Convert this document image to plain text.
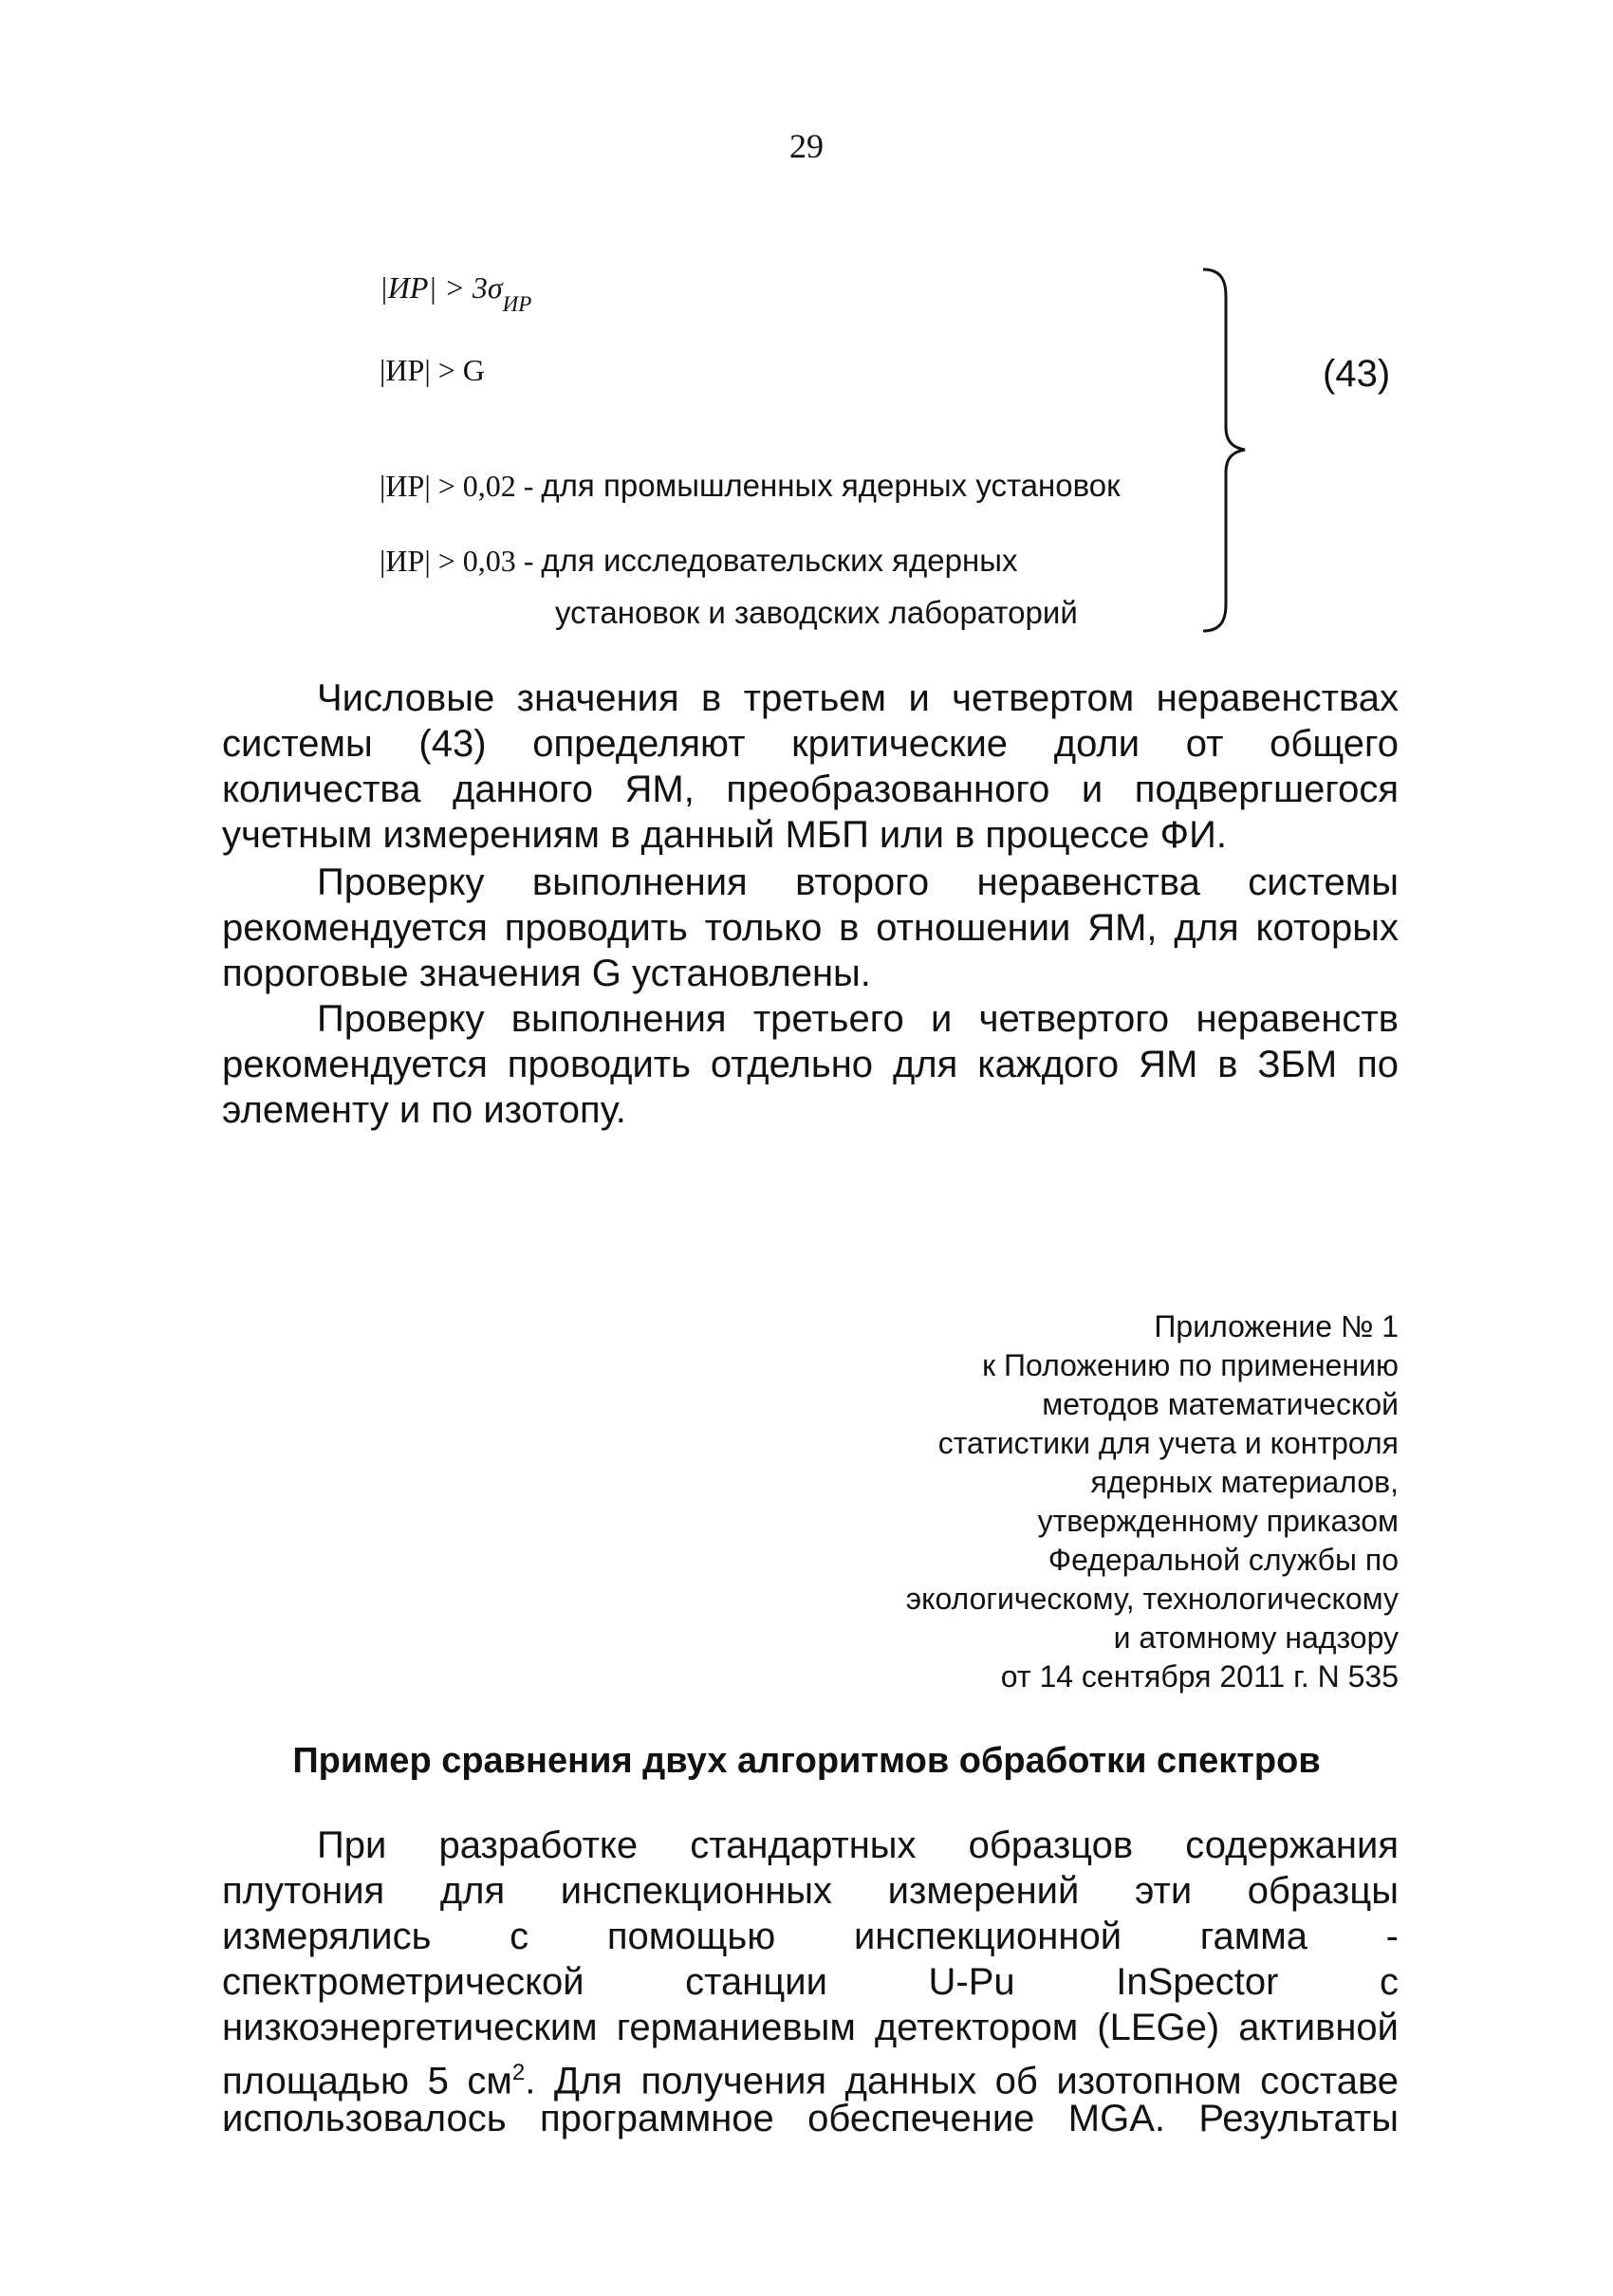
29
$|ИР| > 3\sigma_{ИР}$
|ИР| > G
|ИР| > 0,02 - для промышленных ядерных установок
|ИР| > 0,03 - для исследовательских ядерных
установок и заводских лабораторий
(43)
Числовые значения в третьем и четвертом неравенствах
системы (43) определяют критические доли от общего
количества данного ЯМ, преобразованного и подвергшегося
учетным измерениям в данный МБП или в процессе ФИ.
Проверку выполнения второго неравенства системы
рекомендуется проводить только в отношении ЯМ, для которых
пороговые значения G установлены.
Проверку выполнения третьего и четвертого неравенств
рекомендуется проводить отдельно для каждого ЯМ в ЗБМ по
элементу и по изотопу.
Приложение № 1
к Положению по применению
методов математической
статистики для учета и контроля
ядерных материалов,
утвержденному приказом
Федеральной службы по
экологическому, технологическому
и атомному надзору
от 14 сентября 2011 г. N 535
Пример сравнения двух алгоритмов обработки спектров
При разработке стандартных образцов содержания
плутония для инспекционных измерений эти образцы
измерялись с помощью инспекционной гамма -
спектрометрической станции U-Pu InSpector с
низкоэнергетическим германиевым детектором (LEGe) активной
площадью 5 $см^2$. Для получения данных об изотопном составе
использовалось программное обеспечение MGA. Результаты
